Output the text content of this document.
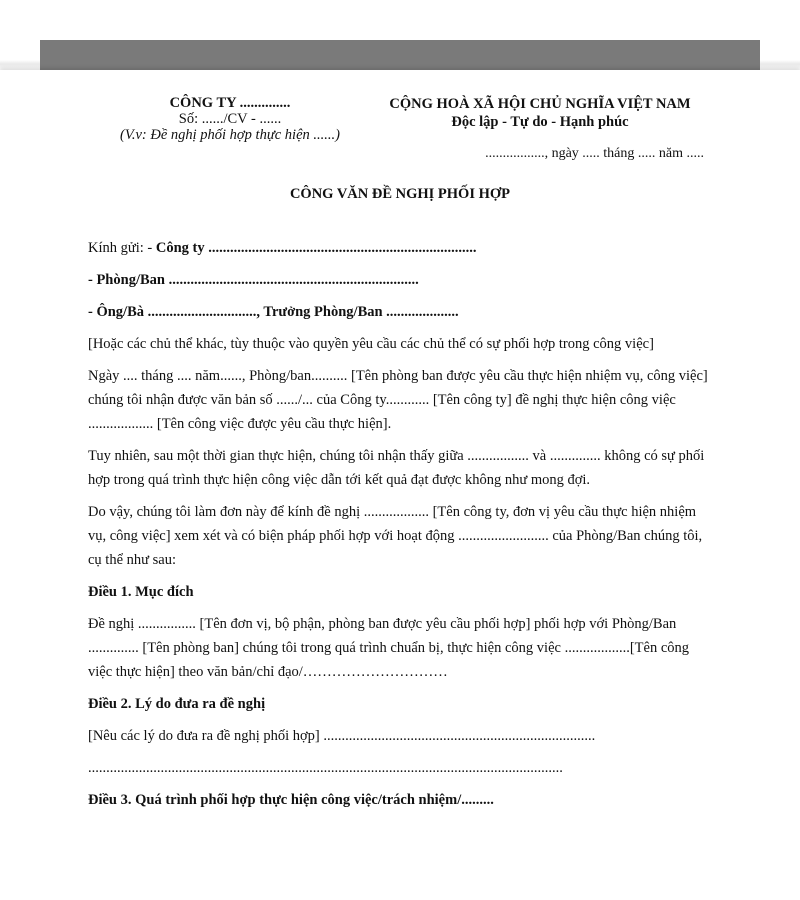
CÔNG TY ..............
Số: ....../CV - ......
(V.v: Đề nghị phối hợp thực hiện ......)
CỘNG HOÀ XÃ HỘI CHỦ NGHĨA VIỆT NAM
Độc lập - Tự do - Hạnh phúc
................., ngày ..... tháng ..... năm .....
CÔNG VĂN ĐỀ NGHỊ PHỐI HỢP

Kính gửi: - Công ty ..........................................................................

- Phòng/Ban .....................................................................

- Ông/Bà .............................., Trưởng Phòng/Ban ....................

[Hoặc các chủ thể khác, tùy thuộc vào quyền yêu cầu các chủ thể có sự phối hợp trong công việc]

Ngày .... tháng .... năm......, Phòng/ban.......... [Tên phòng ban được yêu cầu thực hiện nhiệm vụ, công việc] chúng tôi nhận được văn bản số ....../... của Công ty............ [Tên công ty] đề nghị thực hiện công việc .................. [Tên công việc được yêu cầu thực hiện].

Tuy nhiên, sau một thời gian thực hiện, chúng tôi nhận thấy giữa ................. và .............. không có sự phối hợp trong quá trình thực hiện công việc dẫn tới kết quả đạt được không như mong đợi.

Do vậy, chúng tôi làm đơn này để kính đề nghị .................. [Tên công ty, đơn vị yêu cầu thực hiện nhiệm vụ, công việc] xem xét và có biện pháp phối hợp với hoạt động ......................... của Phòng/Ban chúng tôi, cụ thể như sau:

Điều 1. Mục đích

Đề nghị ................ [Tên đơn vị, bộ phận, phòng ban được yêu cầu phối hợp] phối hợp với Phòng/Ban .............. [Tên phòng ban] chúng tôi trong quá trình chuẩn bị, thực hiện công việc ..................[Tên công việc thực hiện] theo văn bản/chỉ đạo/…………………………

Điều 2. Lý do đưa ra đề nghị

[Nêu các lý do đưa ra đề nghị phối hợp] ...........................................................................

...................................................................................................................................

Điều 3. Quá trình phối hợp thực hiện công việc/trách nhiệm/.........
